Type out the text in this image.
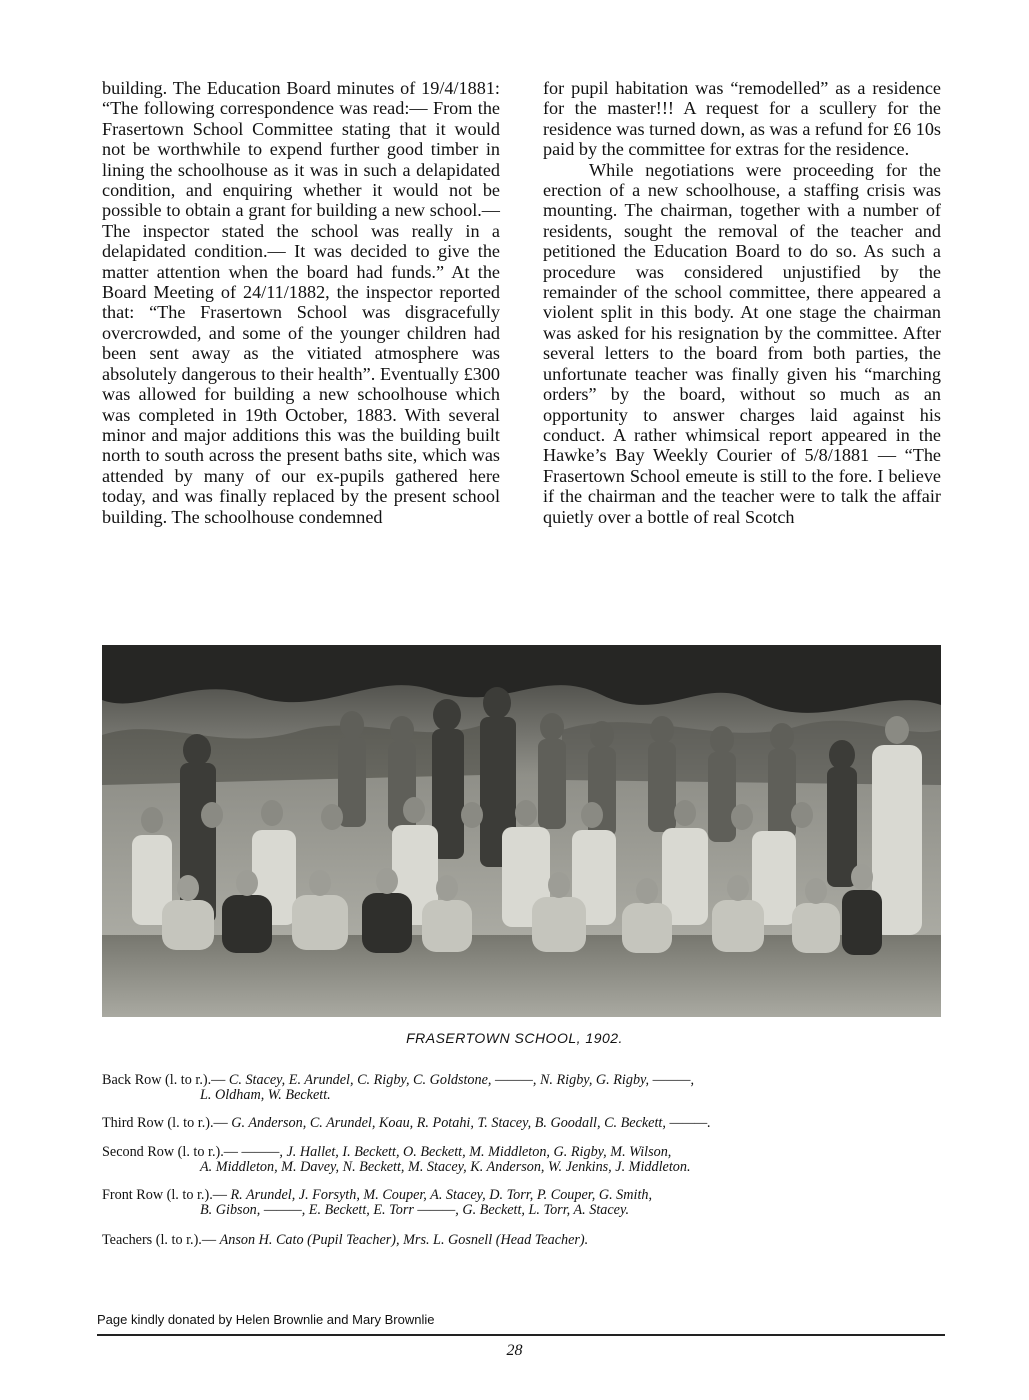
building. The Education Board minutes of 19/4/1881: “The following correspondence was read:— From the Frasertown School Committee stating that it would not be worthwhile to expend further good timber in lining the schoolhouse as it was in such a delapidated condition, and enquiring whether it would not be possible to obtain a grant for building a new school.— The inspector stated the school was really in a delapidated condition.— It was decided to give the matter attention when the board had funds.” At the Board Meeting of 24/11/1882, the inspector reported that: “The Frasertown School was disgracefully overcrowded, and some of the younger children had been sent away as the vitiated atmosphere was absolutely dangerous to their health”. Eventually £300 was allowed for building a new schoolhouse which was completed in 19th October, 1883. With several minor and major additions this was the building built north to south across the present baths site, which was attended by many of our ex-pupils gathered here today, and was finally replaced by the present school building. The schoolhouse condemned

for pupil habitation was “remodelled” as a residence for the master!!! A request for a scullery for the residence was turned down, as was a refund for £6 10s paid by the committee for extras for the residence.

While negotiations were proceeding for the erection of a new schoolhouse, a staffing crisis was mounting. The chairman, together with a number of residents, sought the removal of the teacher and petitioned the Education Board to do so. As such a procedure was considered unjustified by the remainder of the school committee, there appeared a violent split in this body. At one stage the chairman was asked for his resignation by the committee. After several letters to the board from both parties, the unfortunate teacher was finally given his “marching orders” by the board, without so much as an opportunity to answer charges laid against his conduct. A rather whimsical report appeared in the Hawke’s Bay Weekly Courier of 5/8/1881 — “The Frasertown School emeute is still to the fore. I believe if the chairman and the teacher were to talk the affair quietly over a bottle of real Scotch

FRASERTOWN SCHOOL, 1902.
Back Row (l. to r.).— C. Stacey, E. Arundel, C. Rigby, C. Goldstone, ———, N. Rigby, G. Rigby, ———,
L. Oldham, W. Beckett.
Third Row (l. to r.).— G. Anderson, C. Arundel, Koau, R. Potahi, T. Stacey, B. Goodall, C. Beckett, ———.
Second Row (l. to r.).— ———, J. Hallet, I. Beckett, O. Beckett, M. Middleton, G. Rigby, M. Wilson,
A. Middleton, M. Davey, N. Beckett, M. Stacey, K. Anderson, W. Jenkins, J. Middleton.
Front Row (l. to r.).— R. Arundel, J. Forsyth, M. Couper, A. Stacey, D. Torr, P. Couper, G. Smith,
B. Gibson, ———, E. Beckett, E. Torr ———, G. Beckett, L. Torr, A. Stacey.
Teachers (l. to r.).— Anson H. Cato (Pupil Teacher), Mrs. L. Gosnell (Head Teacher).
Page kindly donated by Helen Brownlie and Mary Brownlie
28
